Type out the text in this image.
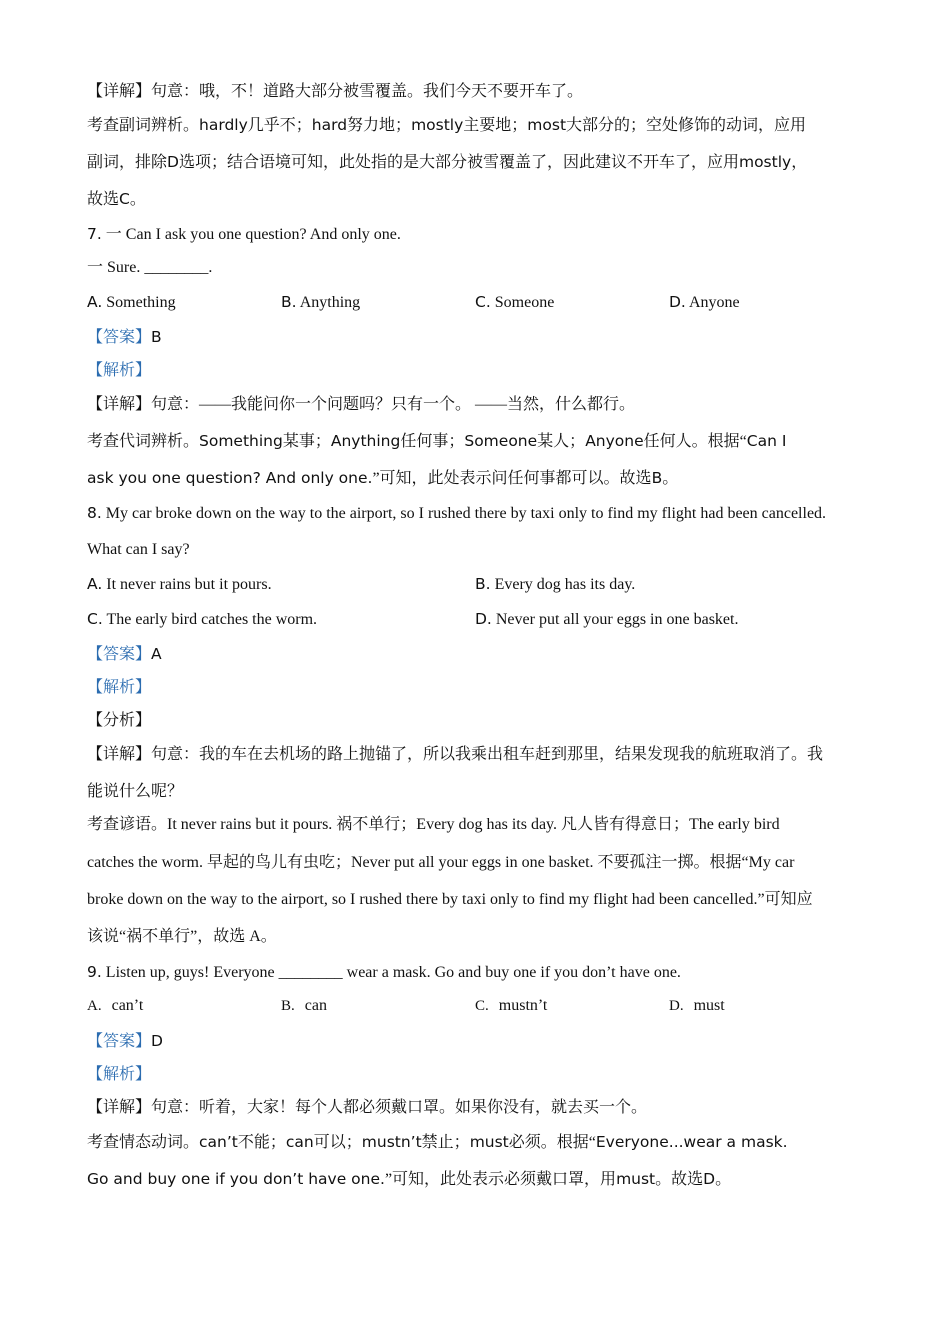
【详解】句意：哦，不！道路大部分被雪覆盖。我们今天不要开车了。
考查副词辨析。hardly几乎不；hard努力地；mostly主要地；most大部分的；空处修饰的动词，应用
副词，排除D选项；结合语境可知，此处指的是大部分被雪覆盖了，因此建议不开车了，应用mostly，
故选C。
7. 一 Can I ask you one question? And only one.
一 Sure. ________.
A. Something	B. Anything	C. Someone	D. Anyone
【答案】B
【解析】
【详解】句意：——我能问你一个问题吗？只有一个。 ——当然，什么都行。
考查代词辨析。Something某事；Anything任何事；Someone某人；Anyone任何人。根据“Can I
ask you one question? And only one.”可知，此处表示问任何事都可以。故选B。
8. My car broke down on the way to the airport, so I rushed there by taxi only to find my flight had been cancelled.
What can I say?
A. It never rains but it pours.	B. Every dog has its day.
C. The early bird catches the worm.	D. Never put all your eggs in one basket.
【答案】A
【解析】
【分析】
【详解】句意：我的车在去机场的路上抛锚了，所以我乘出租车赶到那里，结果发现我的航班取消了。我
能说什么呢？
考查谚语。It never rains but it pours. 祸不单行；Every dog has its day. 凡人皆有得意日；The early bird
catches the worm. 早起的鸟儿有虫吃；Never put all your eggs in one basket. 不要孤注一掷。根据“My car
broke down on the way to the airport, so I rushed there by taxi only to find my flight had been cancelled.”可知应
该说“祸不单行”，故选 A。
9. Listen up, guys! Everyone ________ wear a mask. Go and buy one if you don’t have one.
A. can’t	B. can	C. mustn’t	D. must
【答案】D
【解析】
【详解】句意：听着，大家！每个人都必须戴口罩。如果你没有，就去买一个。
考查情态动词。can’t不能；can可以；mustn’t禁止；must必须。根据“Everyone...wear a mask.
Go and buy one if you don’t have one.”可知，此处表示必须戴口罩，用must。故选D。
